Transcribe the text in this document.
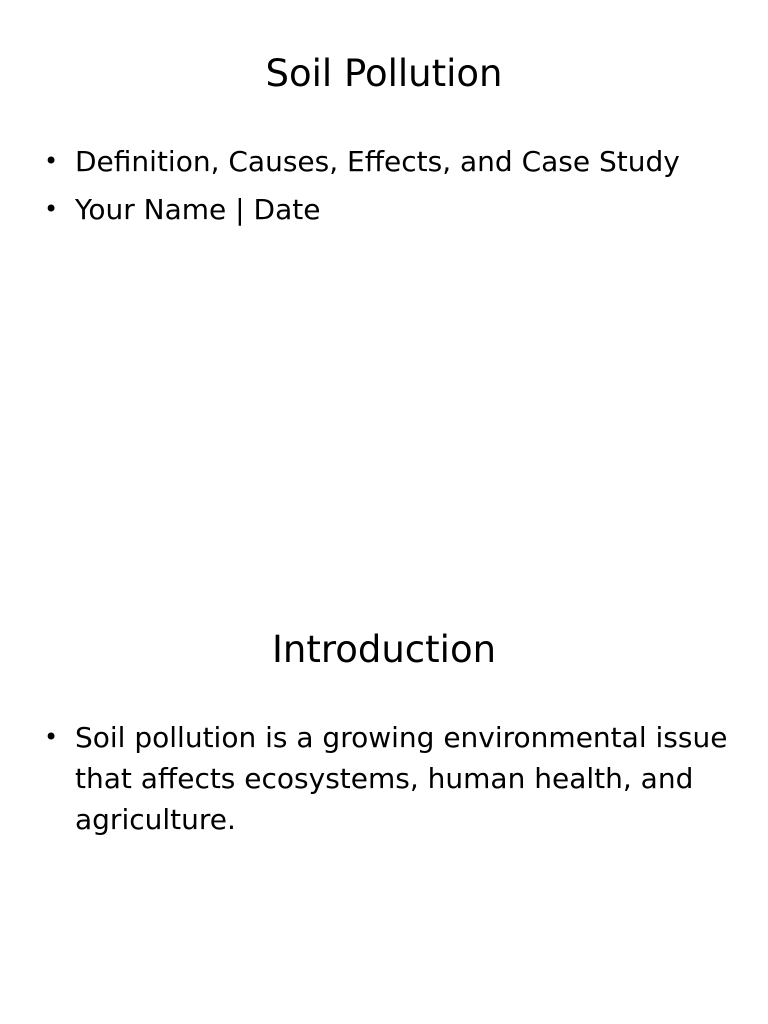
Soil Pollution
• Definition, Causes, Effects, and Case Study
• Your Name | Date
Introduction
• Soil pollution is a growing environmental issue that affects ecosystems, human health, and agriculture.
